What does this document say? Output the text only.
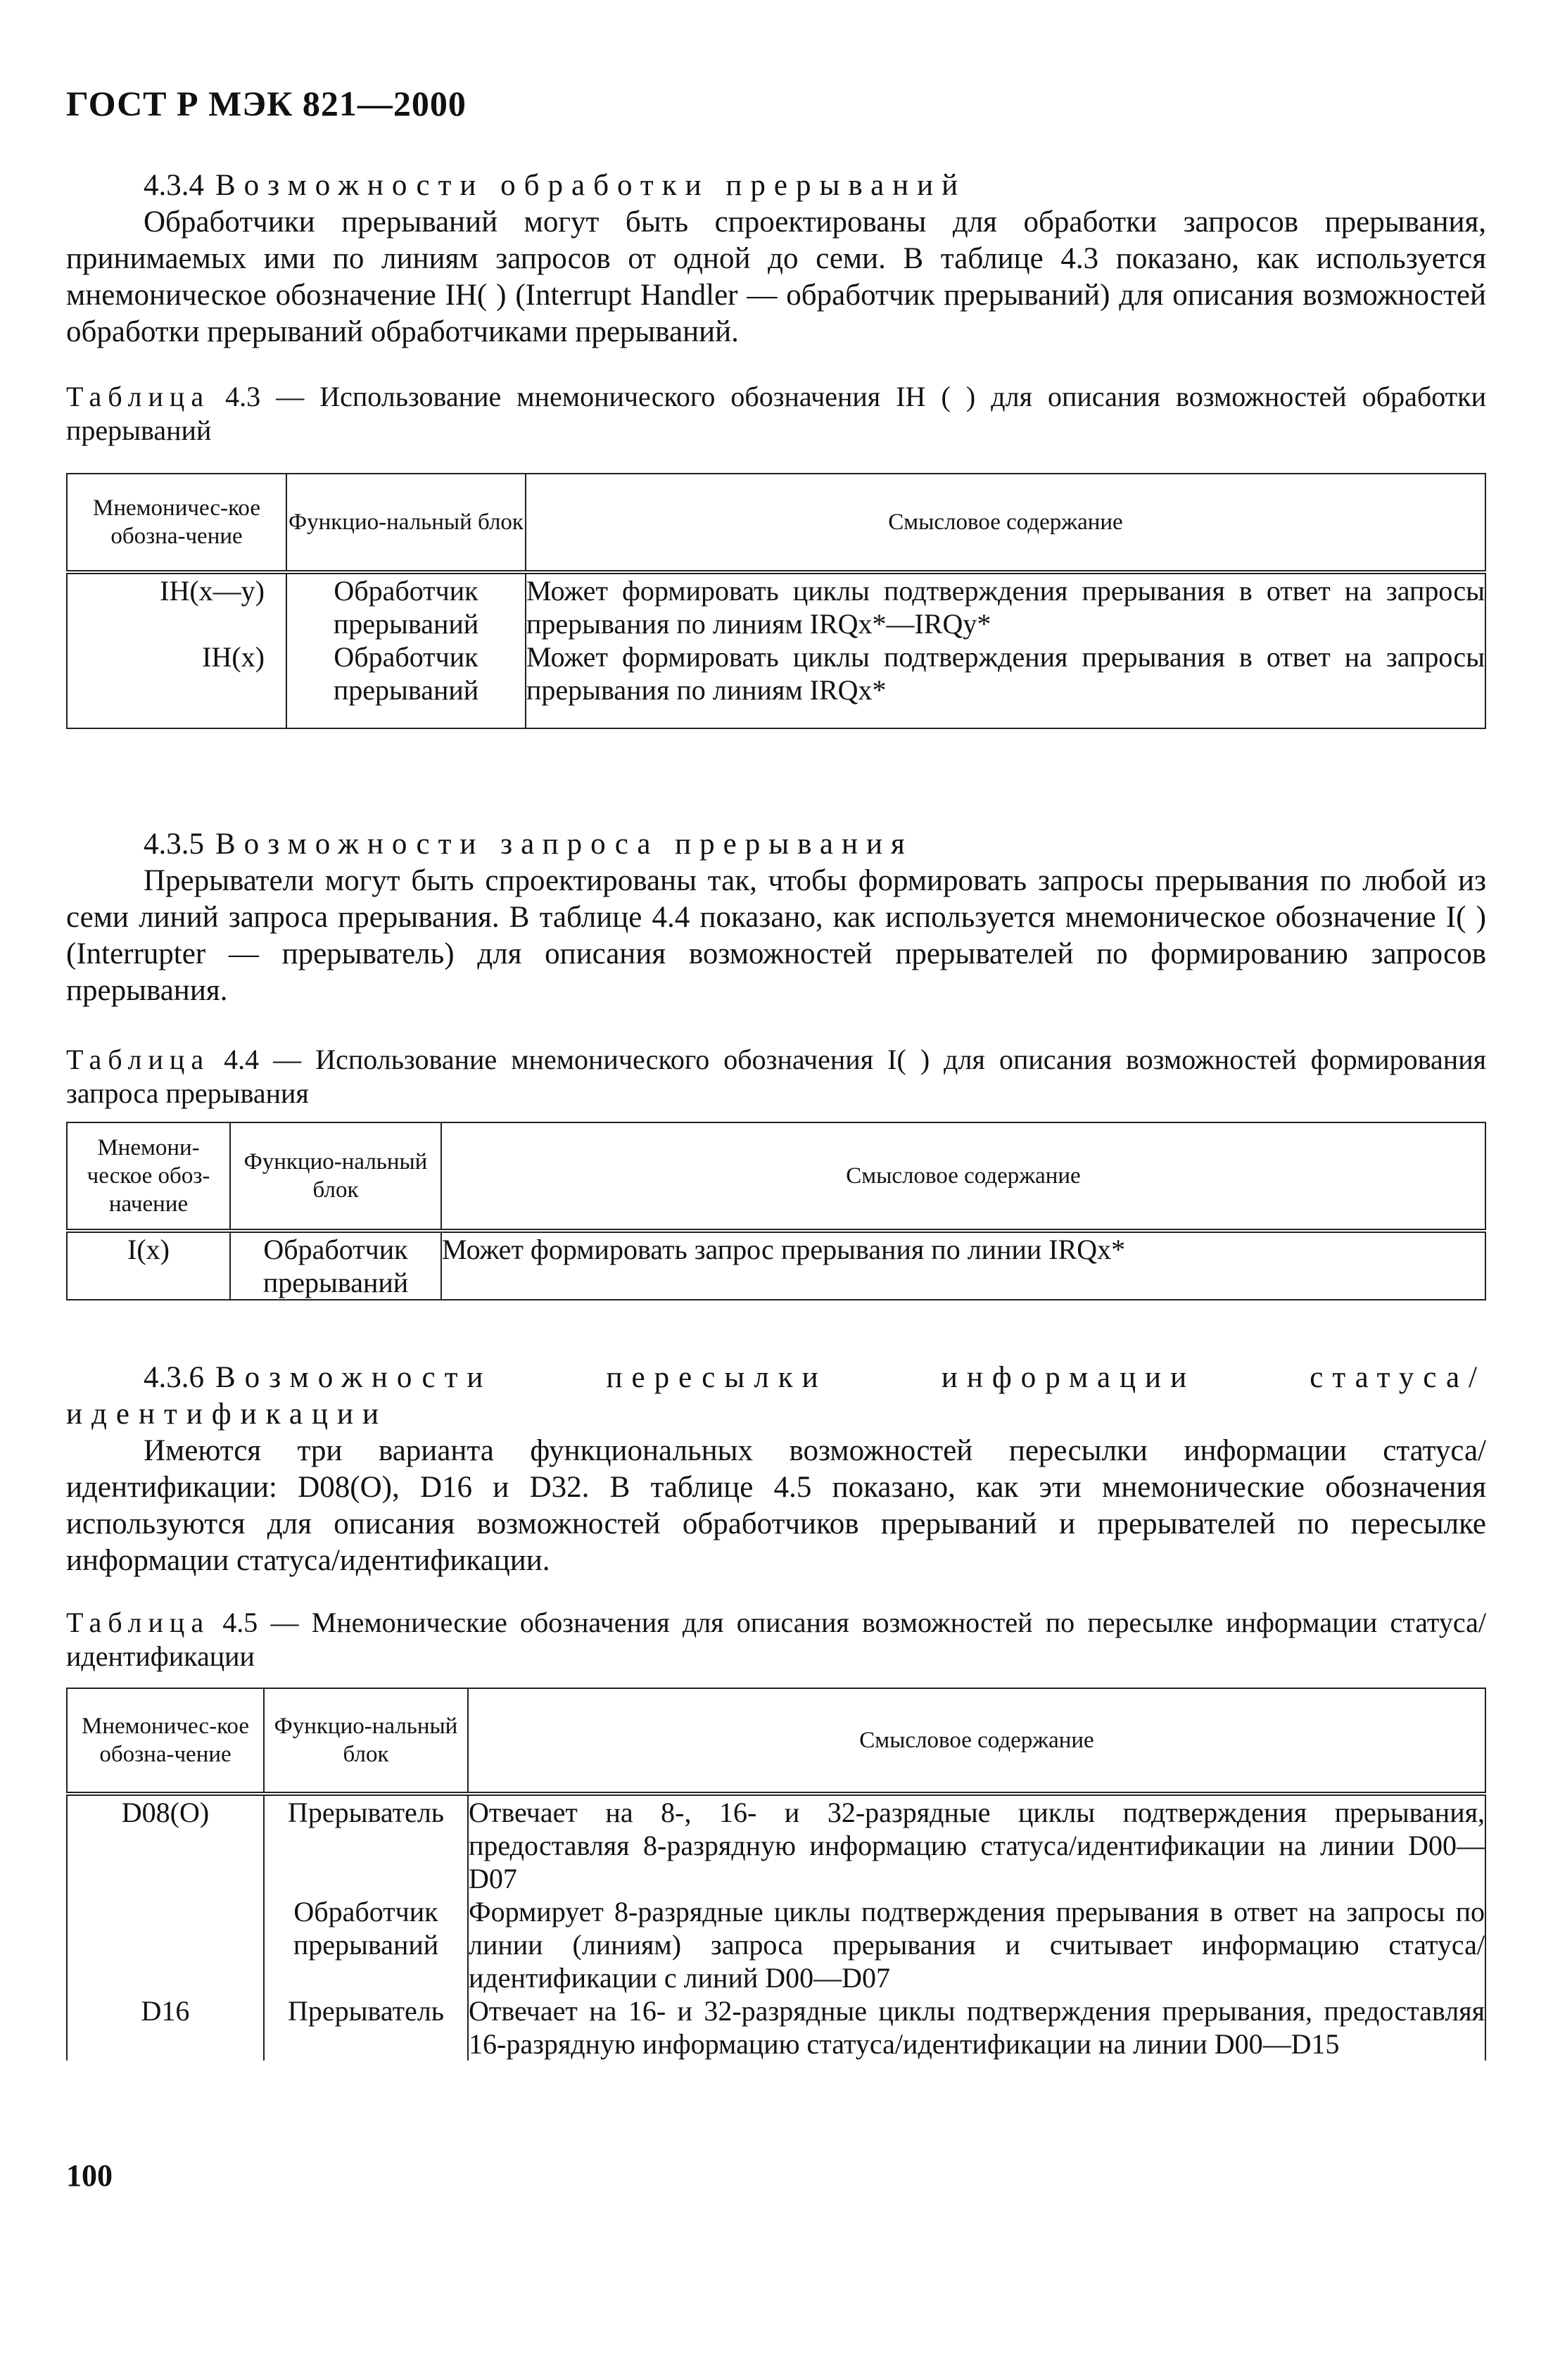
ГОСТ Р МЭК 821—2000
4.3.4 Возможности обработки прерываний

Обработчики прерываний могут быть спроектированы для обработки запросов прерывания, принимаемых ими по линиям запросов от одной до семи. В таблице 4.3 показано, как используется мнемоническое обозначение IH( ) (Interrupt Handler — обработчик прерываний) для описания возможностей обработки прерываний обработчиками прерываний.

Таблица 4.3 — Использование мнемонического обозначения IH ( ) для описания возможностей обработки прерываний
Мнемоничес-кое обозна-чение	Функцио-нальный блок	Смысловое содержание
IH(x—y)	Обработчик прерываний	Может формировать циклы подтверждения прерывания в ответ на запросы прерывания по линиям IRQx*—IRQy*
IH(x)	Обработчик прерываний	Может формировать циклы подтверждения прерывания в ответ на запросы прерывания по линиям IRQx*
4.3.5 Возможности запроса прерывания

Прерыватели могут быть спроектированы так, чтобы формировать запросы прерывания по любой из семи линий запроса прерывания. В таблице 4.4 показано, как используется мнемоническое обозначение I( ) (Interrupter — прерыватель) для описания возможностей прерывателей по формированию запросов прерывания.

Таблица 4.4 — Использование мнемонического обозначения I( ) для описания возможностей формирования запроса прерывания
Мнемони-ческое обоз-начение	Функцио-нальный блок	Смысловое содержание
I(x)	Обработчик прерываний	Может формировать запрос прерывания по линии IRQx*

4.3.6 Возможности пересылки информации статуса/идентификации

Имеются три варианта функциональных возможностей пересылки информации статуса/идентификации: D08(O), D16 и D32. В таблице 4.5 показано, как эти мнемонические обозначения используются для описания возможностей обработчиков прерываний и прерывателей по пересылке информации статуса/идентификации.

Таблица 4.5 — Мнемонические обозначения для описания возможностей по пересылке информации статуса/идентификации
Мнемоничес-кое обозна-чение	Функцио-нальный блок	Смысловое содержание
D08(O)	Прерыватель	Отвечает на 8-, 16- и 32-разрядные циклы подтверждения прерывания, предоставляя 8-разрядную информацию статуса/идентификации на линии D00—D07
	Обработчик прерываний	Формирует 8-разрядные циклы подтверждения прерывания в ответ на запросы по линии (линиям) запроса прерывания и считывает информацию статуса/идентификации с линий D00—D07
D16	Прерыватель	Отвечает на 16- и 32-разрядные циклы подтверждения прерывания, предоставляя 16-разрядную информацию статуса/идентификации на линии D00—D15
100
